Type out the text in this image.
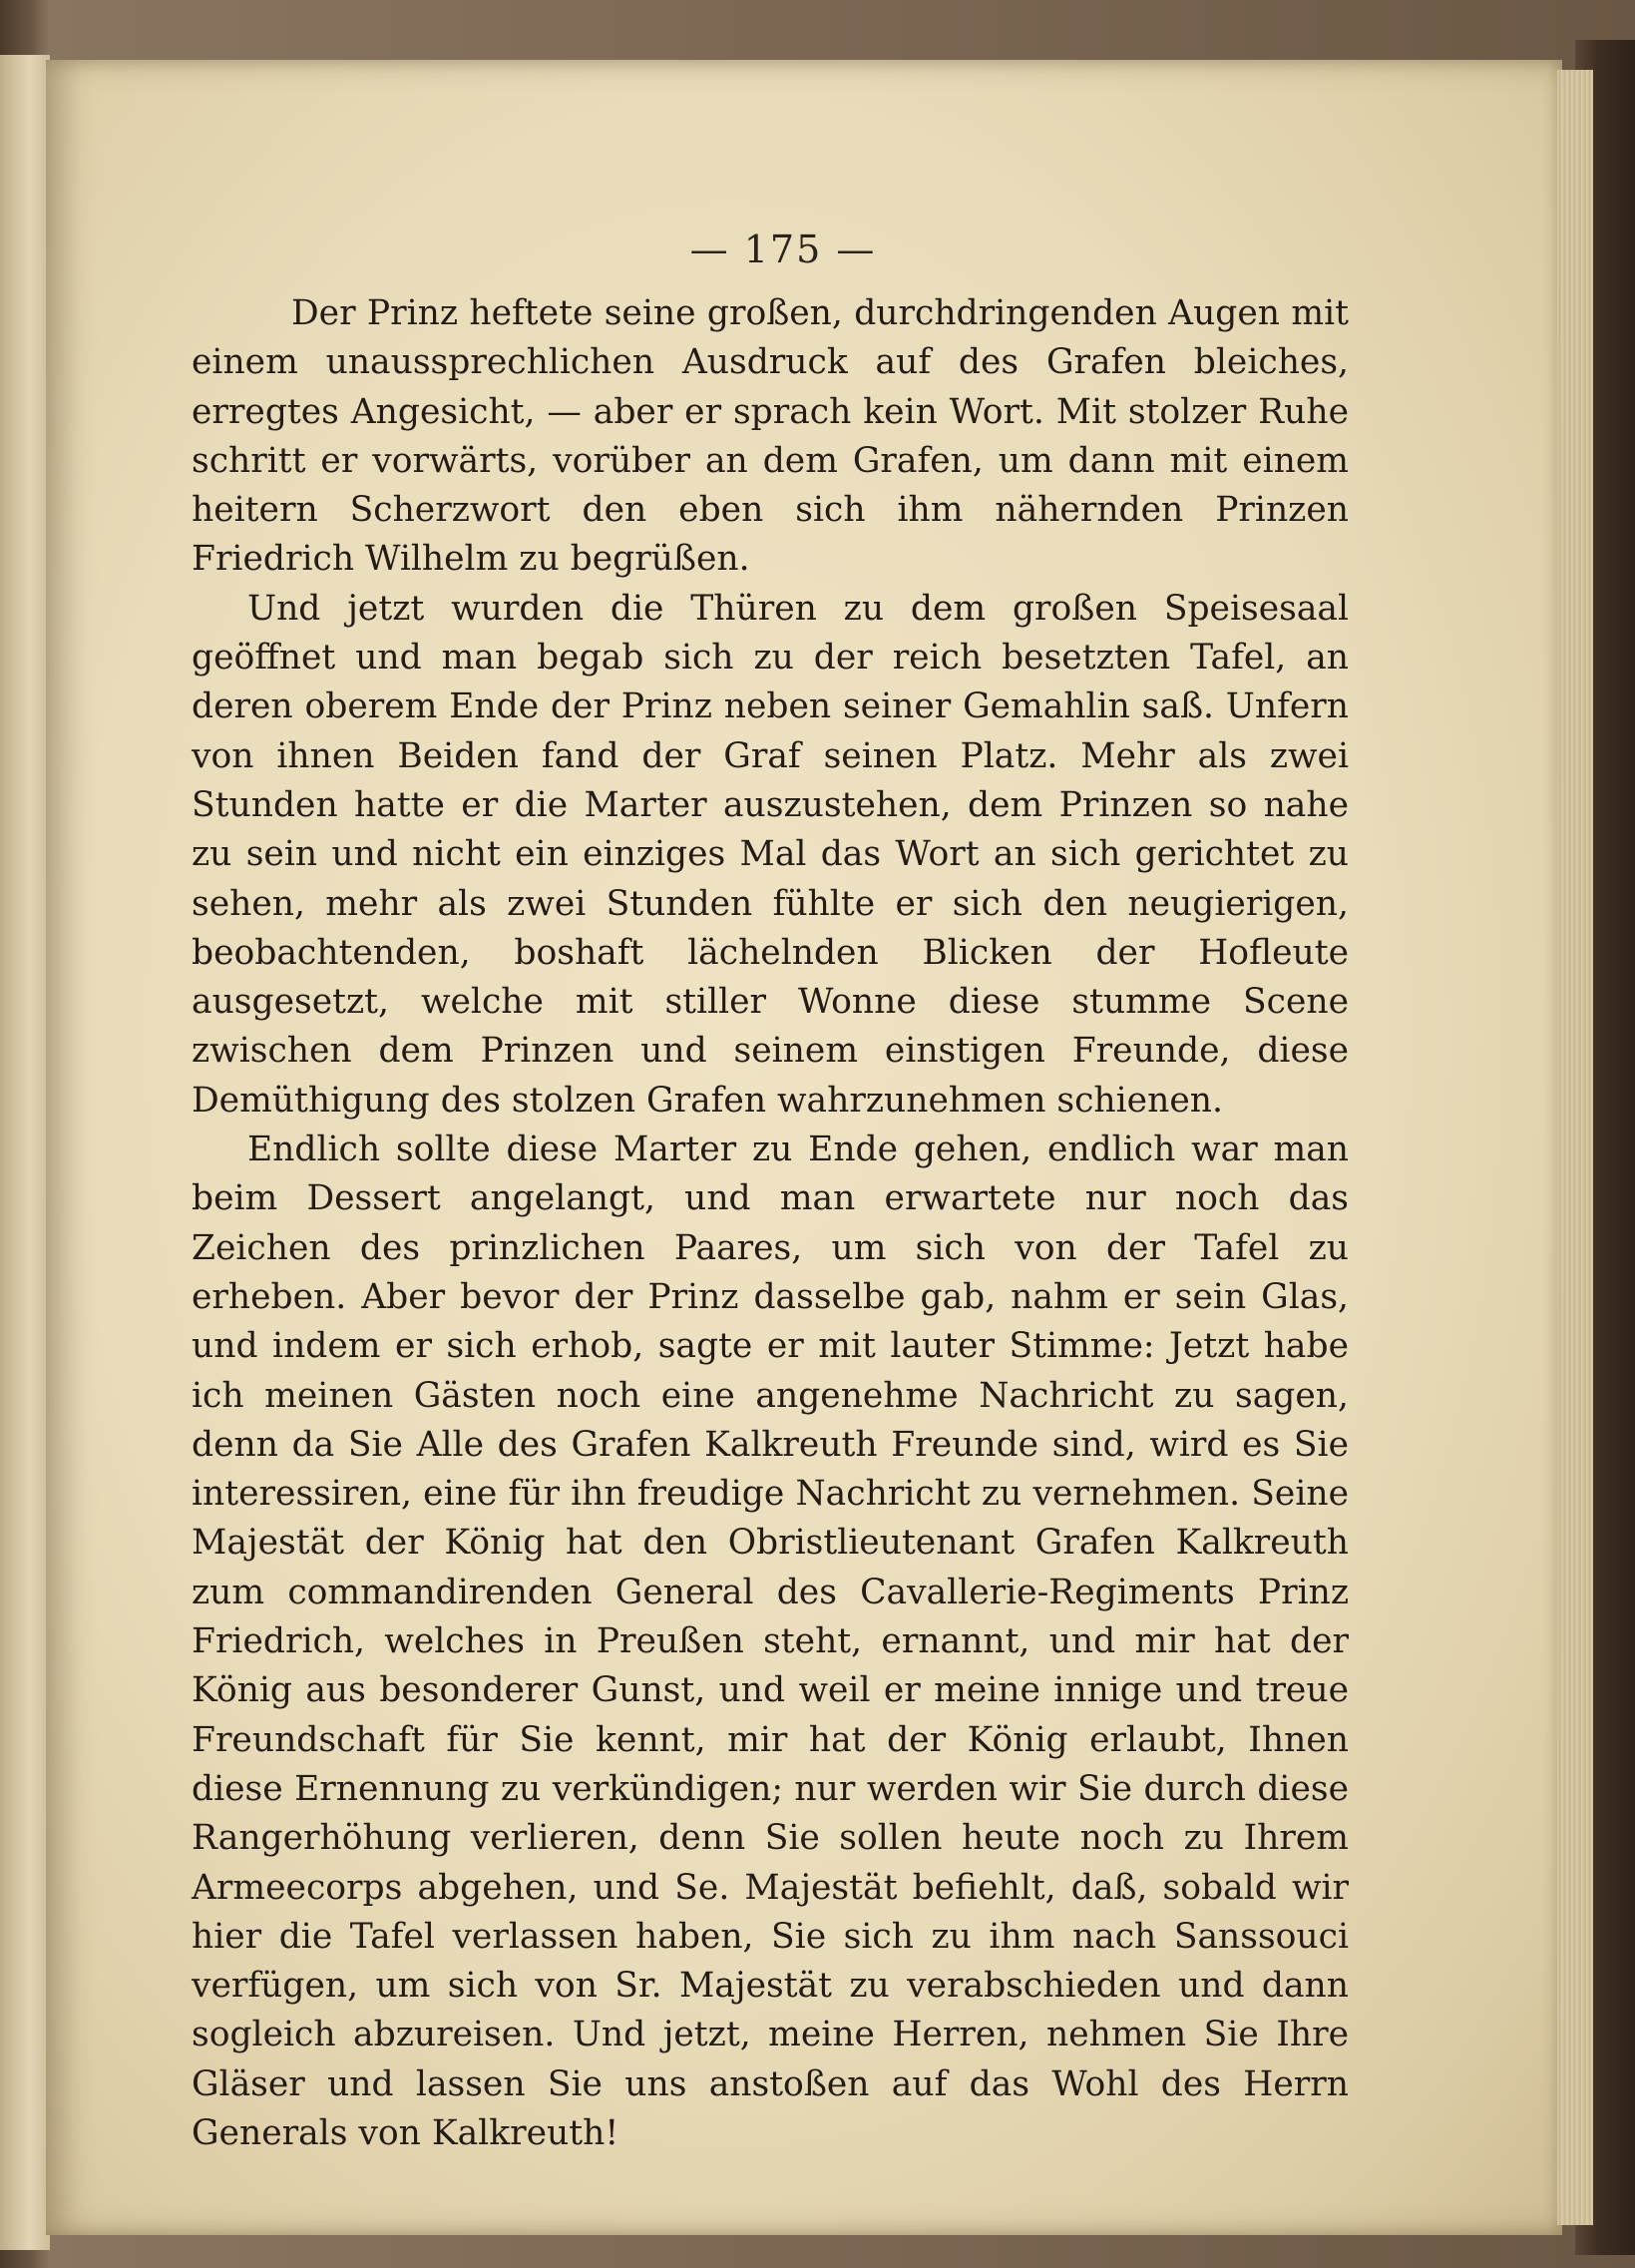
— 175 —

Der Prinz heftete seine großen, durchdringenden Augen mit einem unaussprechlichen Ausdruck auf des Grafen bleiches, erregtes Angesicht, — aber er sprach kein Wort. Mit stolzer Ruhe schritt er vorwärts, vorüber an dem Grafen, um dann mit einem heitern Scherzwort den eben sich ihm nähernden Prinzen Friedrich Wilhelm zu begrüßen.

Und jetzt wurden die Thüren zu dem großen Speisesaal geöffnet und man begab sich zu der reich besetzten Tafel, an deren oberem Ende der Prinz neben seiner Gemahlin saß. Unfern von ihnen Beiden fand der Graf seinen Platz. Mehr als zwei Stunden hatte er die Marter auszustehen, dem Prinzen so nahe zu sein und nicht ein einziges Mal das Wort an sich gerichtet zu sehen, mehr als zwei Stunden fühlte er sich den neugierigen, beobachtenden, boshaft lächelnden Blicken der Hofleute ausgesetzt, welche mit stiller Wonne diese stumme Scene zwischen dem Prinzen und seinem einstigen Freunde, diese Demüthigung des stolzen Grafen wahrzunehmen schienen.

Endlich sollte diese Marter zu Ende gehen, endlich war man beim Dessert angelangt, und man erwartete nur noch das Zeichen des prinzlichen Paares, um sich von der Tafel zu erheben. Aber bevor der Prinz dasselbe gab, nahm er sein Glas, und indem er sich erhob, sagte er mit lauter Stimme: Jetzt habe ich meinen Gästen noch eine angenehme Nachricht zu sagen, denn da Sie Alle des Grafen Kalkreuth Freunde sind, wird es Sie interessiren, eine für ihn freudige Nachricht zu vernehmen. Seine Majestät der König hat den Obristlieutenant Grafen Kalkreuth zum commandirenden General des Cavallerie-Regiments Prinz Friedrich, welches in Preußen steht, ernannt, und mir hat der König aus besonderer Gunst, und weil er meine innige und treue Freundschaft für Sie kennt, mir hat der König erlaubt, Ihnen diese Ernennung zu verkündigen; nur werden wir Sie durch diese Rangerhöhung verlieren, denn Sie sollen heute noch zu Ihrem Armeecorps abgehen, und Se. Majestät befiehlt, daß, sobald wir hier die Tafel verlassen haben, Sie sich zu ihm nach Sanssouci verfügen, um sich von Sr. Majestät zu verabschieden und dann sogleich abzureisen. Und jetzt, meine Herren, nehmen Sie Ihre Gläser und lassen Sie uns anstoßen auf das Wohl des Herrn Generals von Kalkreuth!
